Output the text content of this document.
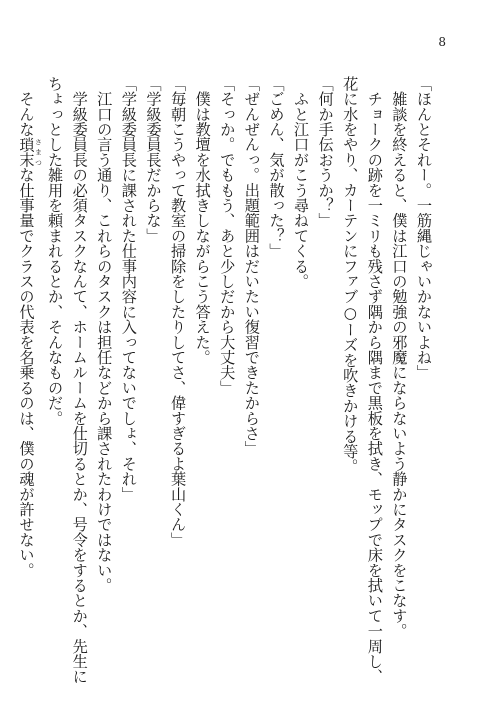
8
「ほんとそれー。一筋縄じゃいかないよね」
　雑談を終えると、僕は江口の勉強の邪魔にならないよう静かにタスクをこなす。
　チョークの跡を一ミリも残さず隅から隅まで黒板を拭き、モップで床を拭いて一周し、
花に水をやり、カーテンにファブ○ーズを吹きかける等。
「何か手伝おうか？」
　ふと江口がこう尋ねてくる。
「ごめん、気が散った？」
「ぜんぜんっ。出題範囲はだいたい復習できたからさ」
「そっか。でももう、あと少しだから大丈夫」
　僕は教壇を水拭きしながらこう答えた。
「毎朝こうやって教室の掃除をしたりしてさ、偉すぎるよ葉山くん」
「学級委員長だからな」
「学級委員長に課された仕事内容に入ってないでしょ、それ」
　江口の言う通り、これらのタスクは担任などから課されたわけではない。
　学級委員長の必須タスクなんて、ホームルームを仕切るとか、号令をするとか、先生に
ちょっとした雑用を頼まれるとか、そんなものだ。
　そんな瑣末 さまつな仕事量でクラスの代表を名乗るのは、僕の魂が許せない。
